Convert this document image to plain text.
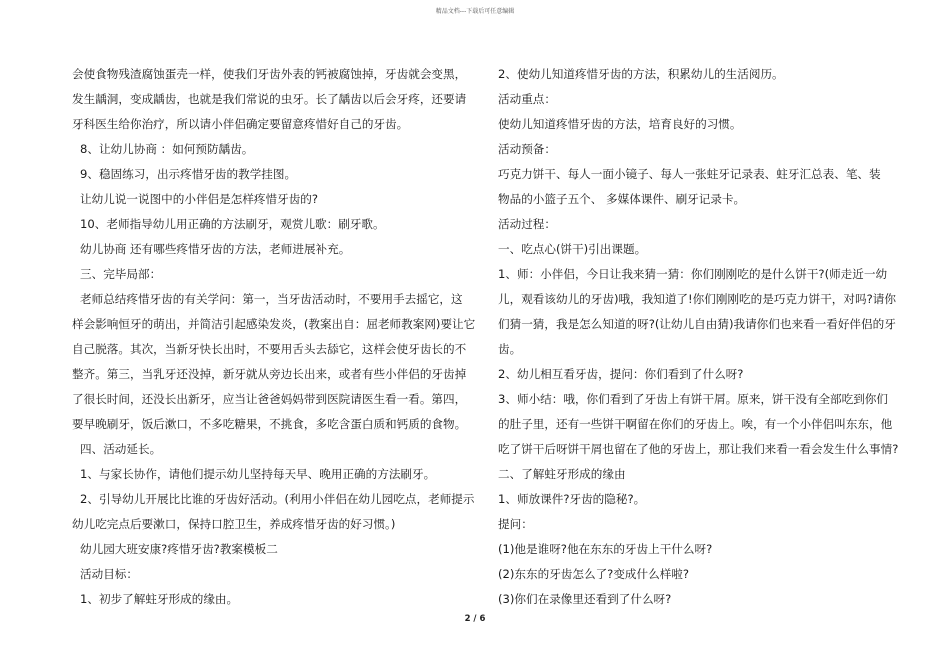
精品文档---下载后可任意编辑
会使食物残渣腐蚀蛋壳一样，使我们牙齿外表的钙被腐蚀掉，牙齿就会变黑，
发生龋洞，变成龋齿，也就是我们常说的虫牙。长了龋齿以后会牙疼，还要请
牙科医生给你治疗，所以请小伴侣确定要留意疼惜好自己的牙齿。
8、让幼儿协商 ：如何预防龋齿。
9、稳固练习，出示疼惜牙齿的教学挂图。
让幼儿说一说图中的小伴侣是怎样疼惜牙齿的?
10、老师指导幼儿用正确的方法刷牙，观赏儿歌：刷牙歌。
幼儿协商 还有哪些疼惜牙齿的方法，老师进展补充。
三、完毕局部：
老师总结疼惜牙齿的有关学问：第一，当牙齿活动时，不要用手去摇它，这
样会影响恒牙的萌出，并简洁引起感染发炎，(教案出自：屈老师教案网)要让它
自己脱落。其次，当新牙快长出时，不要用舌头去舔它，这样会使牙齿长的不
整齐。第三，当乳牙还没掉，新牙就从旁边长出来，或者有些小伴侣的牙齿掉
了很长时间，还没长出新牙，应当让爸爸妈妈带到医院请医生看一看。第四，
要早晚刷牙，饭后漱口，不多吃糖果，不挑食，多吃含蛋白质和钙质的食物。
四、活动延长。
1、与家长协作，请他们提示幼儿坚持每天早、晚用正确的方法刷牙。
2、引导幼儿开展比比谁的牙齿好活动。(利用小伴侣在幼儿园吃点，老师提示
幼儿吃完点后要漱口，保持口腔卫生，养成疼惜牙齿的好习惯。)
幼儿园大班安康?疼惜牙齿?教案模板二
活动目标：
1、初步了解蛀牙形成的缘由。
2、使幼儿知道疼惜牙齿的方法，积累幼儿的生活阅历。
活动重点：
使幼儿知道疼惜牙齿的方法，培育良好的习惯。
活动预备：
巧克力饼干、每人一面小镜子、每人一张蛀牙记录表、蛀牙汇总表、笔、装
物品的小篮子五个、 多媒体课件、刷牙记录卡。
活动过程：
一、吃点心(饼干)引出课题。
1、师：小伴侣，今日让我来猜一猜：你们刚刚吃的是什么饼干?(师走近一幼
儿，观看该幼儿的牙齿)哦，我知道了!你们刚刚吃的是巧克力饼干，对吗?请你
们猜一猜，我是怎么知道的呀?(让幼儿自由猜)我请你们也来看一看好伴侣的牙
齿。
2、幼儿相互看牙齿，提问：你们看到了什么呀?
3、师小结：哦，你们看到了牙齿上有饼干屑。原来，饼干没有全部吃到你们
的肚子里，还有一些饼干啊留在你们的牙齿上。唉，有一个小伴侣叫东东，他
吃了饼干后呀饼干屑也留在了他的牙齿上，那让我们来看一看会发生什么事情?
二、了解蛀牙形成的缘由
1、师放课件?牙齿的隐秘?。
提问：
(1)他是谁呀?他在东东的牙齿上干什么呀?
(2)东东的牙齿怎么了?变成什么样啦?
(3)你们在录像里还看到了什么呀?
2 / 6
